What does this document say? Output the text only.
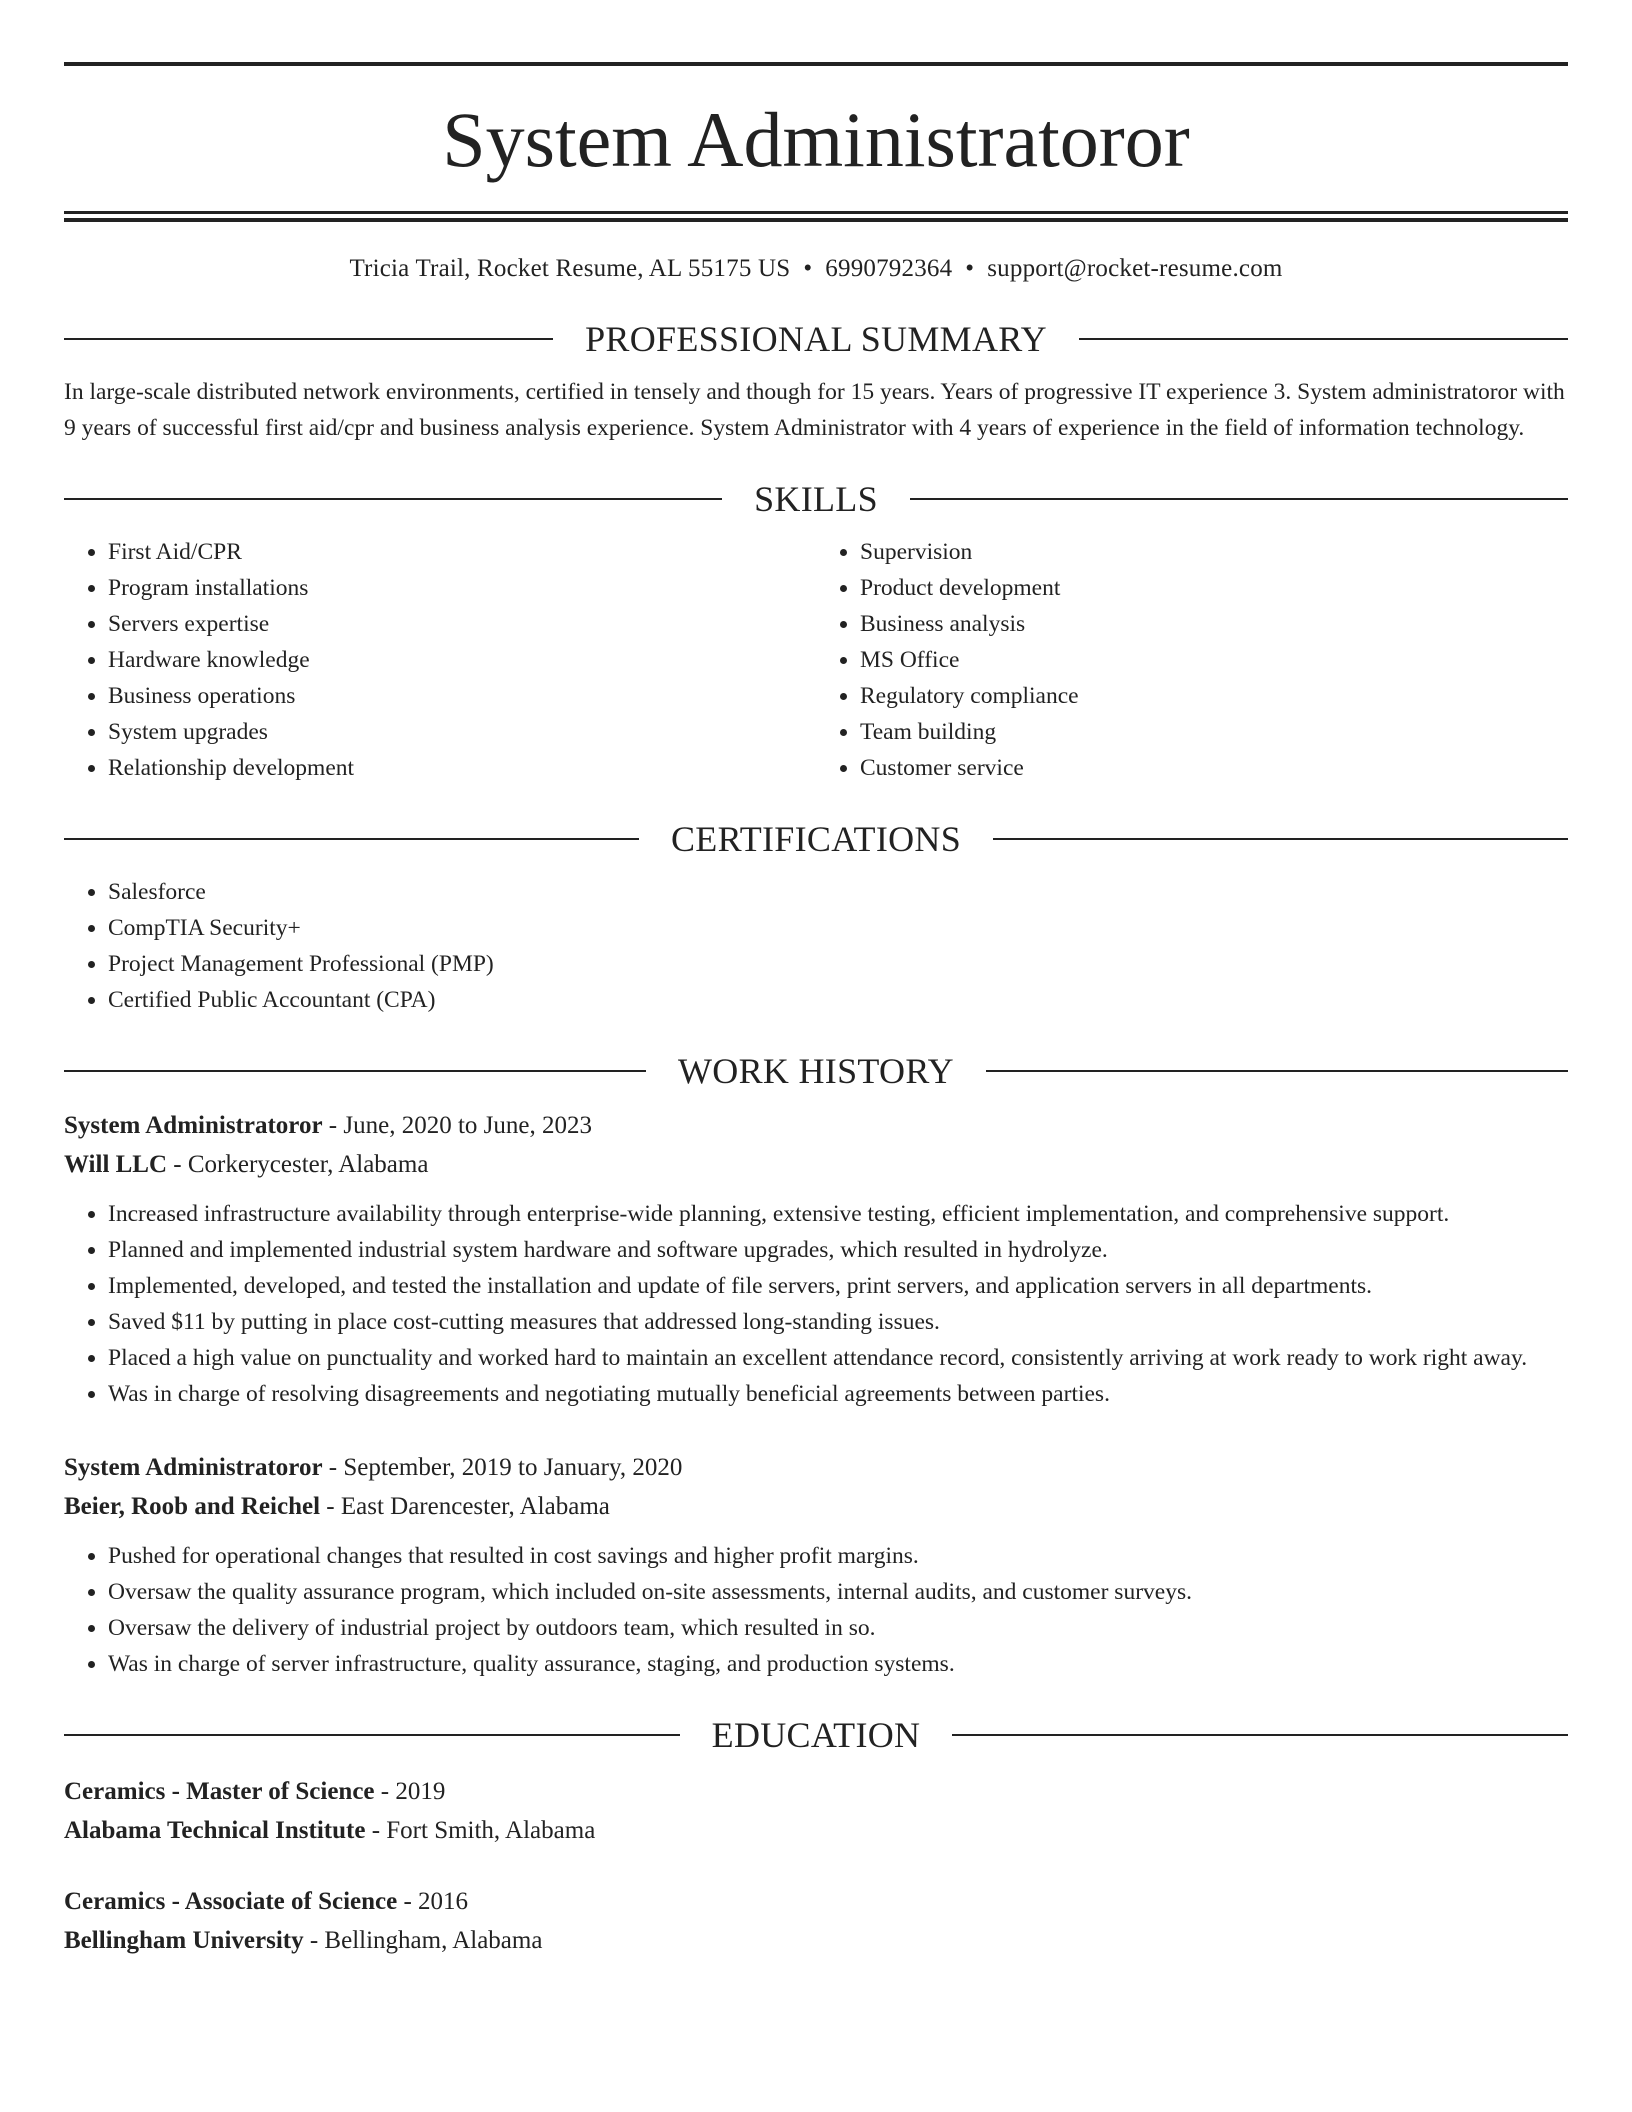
System Administratoror
Tricia Trail, Rocket Resume, AL 55175 US • 6990792364 • support@rocket-resume.com
PROFESSIONAL SUMMARY

In large-scale distributed network environments, certified in tensely and though for 15 years. Years of progressive IT experience 3. System administratoror with 9 years of successful first aid/cpr and business analysis experience. System Administrator with 4 years of experience in the field of information technology.

SKILLS
• First Aid/CPR
• Program installations
• Servers expertise
• Hardware knowledge
• Business operations
• System upgrades
• Relationship development
• Supervision
• Product development
• Business analysis
• MS Office
• Regulatory compliance
• Team building
• Customer service
CERTIFICATIONS
• Salesforce
• CompTIA Security+
• Project Management Professional (PMP)
• Certified Public Accountant (CPA)
WORK HISTORY
System Administratoror - June, 2020 to June, 2023
Will LLC - Corkerycester, Alabama
• Increased infrastructure availability through enterprise-wide planning, extensive testing, efficient implementation, and comprehensive support.
• Planned and implemented industrial system hardware and software upgrades, which resulted in hydrolyze.
• Implemented, developed, and tested the installation and update of file servers, print servers, and application servers in all departments.
• Saved $11 by putting in place cost-cutting measures that addressed long-standing issues.
• Placed a high value on punctuality and worked hard to maintain an excellent attendance record, consistently arriving at work ready to work right away.
• Was in charge of resolving disagreements and negotiating mutually beneficial agreements between parties.
System Administratoror - September, 2019 to January, 2020
Beier, Roob and Reichel - East Darencester, Alabama
• Pushed for operational changes that resulted in cost savings and higher profit margins.
• Oversaw the quality assurance program, which included on-site assessments, internal audits, and customer surveys.
• Oversaw the delivery of industrial project by outdoors team, which resulted in so.
• Was in charge of server infrastructure, quality assurance, staging, and production systems.
EDUCATION
Ceramics - Master of Science - 2019
Alabama Technical Institute - Fort Smith, Alabama
Ceramics - Associate of Science - 2016
Bellingham University - Bellingham, Alabama
